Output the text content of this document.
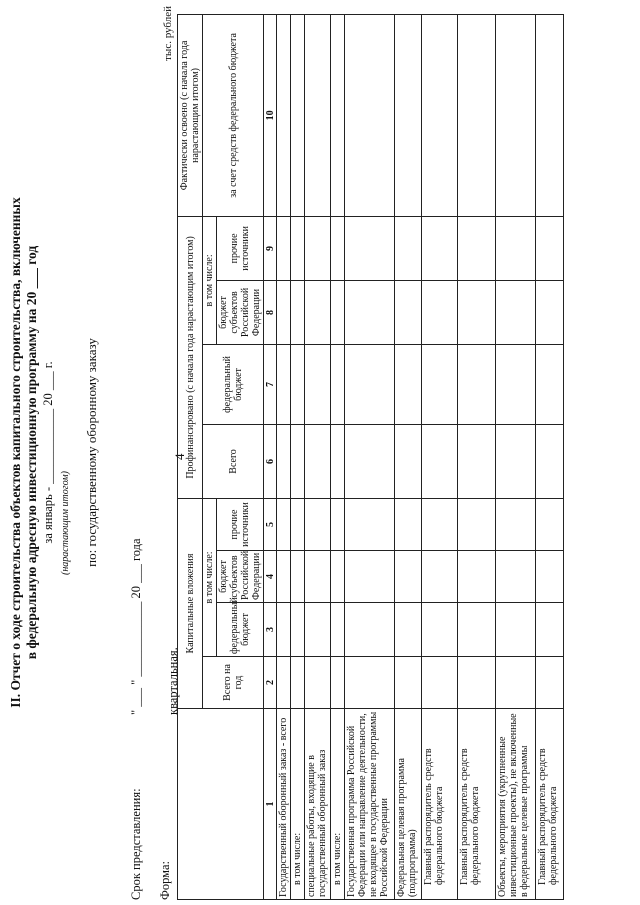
4
II. Отчет о ходе строительства объектов капитального строительства, включенных в федеральную адресную инвестиционную программу на 20 ___ год за январь - ____________ 20 ___ г. (нарастающим итогом) по: государственному оборонному заказу
Срок представления:
" ___ " ____________ 20 ___ года
Форма:
квартальная.
тыс. рублей
	Капитальные вложения				Профинансировано (с начала года нарастающим итогом)				Фактически освоено (с начала года нарастающим итогом)
	Всего на год	в том числе:			Всего	федеральный бюджет	в том числе:		за счет средств федерального бюджета
		федеральный бюджет	бюджет субъектов Российской Федерации	прочие источники			бюджет субъектов Российской Федерации	прочие источники	
1	2	3	4	5	6	7	8	9	10
Государственный оборонный заказ - всего									
в том числе:									
специальные работы, входящие в государственный оборонный заказ									
в том числе:									
Государственная программа Российской Федерации или направление деятельности, не входящее в государственные программы Российской Федерации									
Федеральная целевая программа (подпрограмма)									
Главный распорядитель средств федерального бюджета									
Главный распорядитель средств федерального бюджета									
Объекты, мероприятия (укрупненные инвестиционные проекты), не включенные в федеральные целевые программы									
Главный распорядитель средств федерального бюджета									
